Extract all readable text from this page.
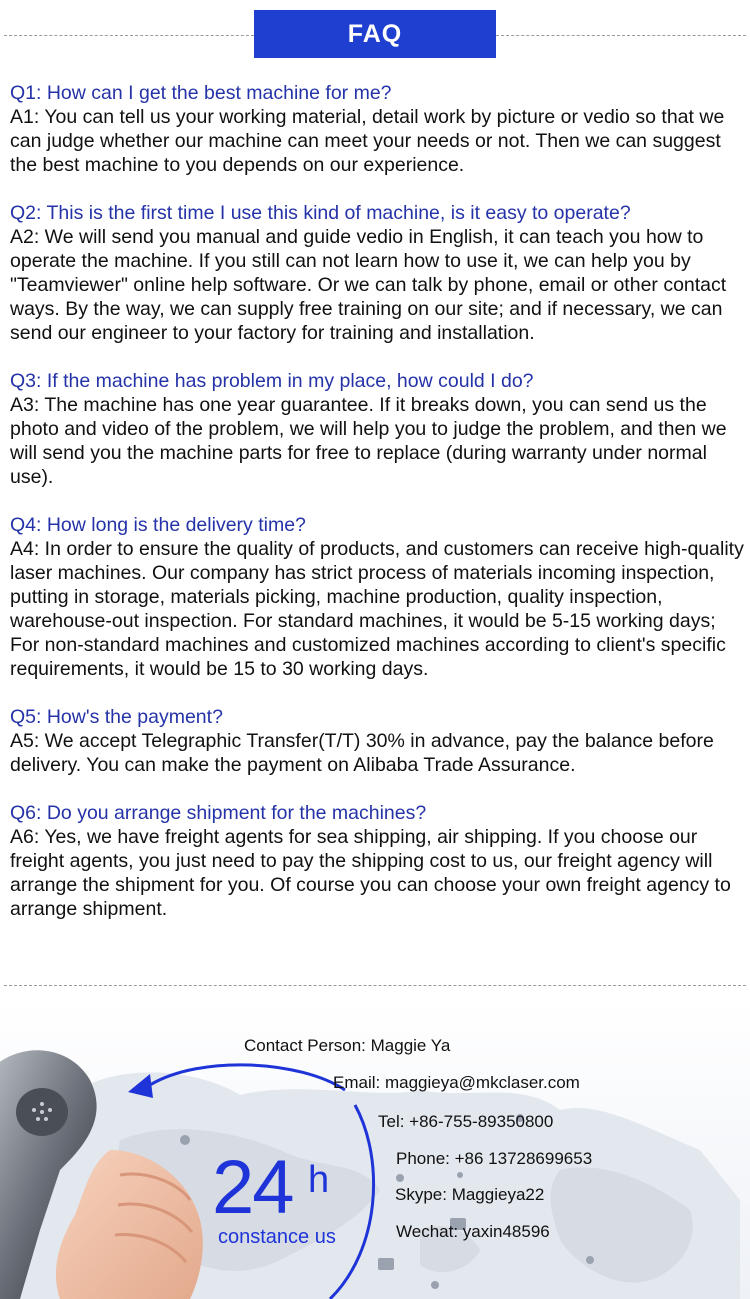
FAQ

Q1: How can I get the best machine for me?

A1: You can tell us your working material, detail work by picture or vedio so that we can judge whether our machine can meet your needs or not. Then we can suggest the best machine to you depends on our experience.

Q2: This is the first time I use this kind of machine, is it easy to operate?

A2: We will send you manual and guide vedio in English, it can teach you how to operate the machine. If you still can not learn how to use it, we can help you by "Teamviewer" online help software. Or we can talk by phone, email or other contact ways. By the way, we can supply free training on our site; and if necessary, we can send our engineer to your factory for training and installation.

Q3: If the machine has problem in my place, how could I do?

A3: The machine has one year guarantee. If it breaks down, you can send us the photo and video of the problem, we will help you to judge the problem, and then we will send you the machine parts for free to replace (during warranty under normal use).

Q4: How long is the delivery time?

A4: In order to ensure the quality of products, and customers can receive high-quality laser machines. Our company has strict process of materials incoming inspection, putting in storage, materials picking, machine production, quality inspection, warehouse-out inspection. For standard machines, it would be 5-15 working days; For non-standard machines and customized machines according to client's specific requirements, it would be 15 to 30 working days.

Q5: How's the payment?

A5: We accept Telegraphic Transfer(T/T) 30% in advance, pay the balance before delivery. You can make the payment on Alibaba Trade Assurance.

Q6: Do you arrange shipment for the machines?

A6: Yes, we have freight agents for sea shipping, air shipping. If you choose our freight agents, you just need to pay the shipping cost to us, our freight agency will arrange the shipment for you. Of course you can choose your own freight agency to arrange shipment.

Contact Person: Maggie Ya
Email: maggieya@mkclaser.com
Tel: +86-755-89350800
Phone: +86 13728699653
Skype: Maggieya22
Wechat: yaxin48596
24 h
constance us
